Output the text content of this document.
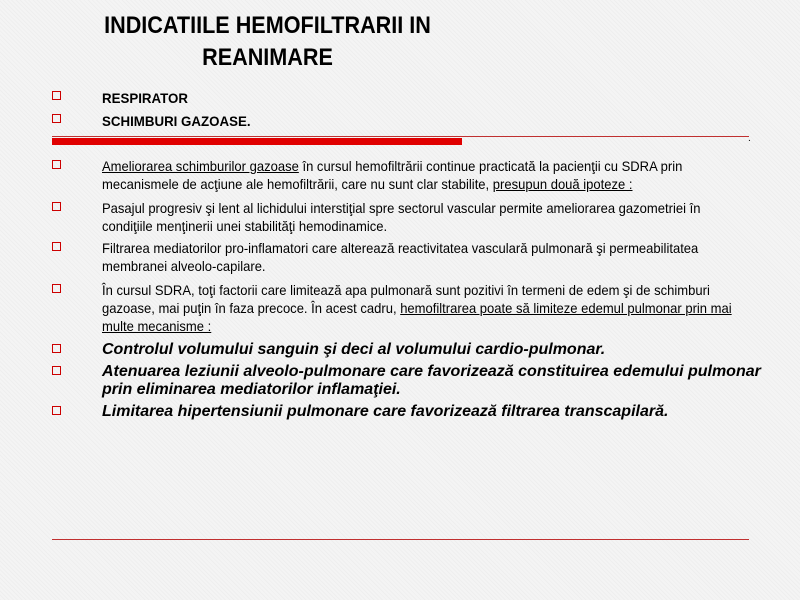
INDICATIILE HEMOFILTRARII IN
REANIMARE
RESPIRATOR
SCHIMBURI GAZOASE.
.
Ameliorarea schimburilor gazoase în cursul hemofiltrării continue practicată la pacienţii cu SDRA prin mecanismele de acţiune ale hemofiltrării, care nu sunt clar stabilite, presupun două ipoteze :
Pasajul progresiv şi lent al lichidului interstiţial spre sectorul vascular permite ameliorarea gazometriei în condiţiile menţinerii unei stabilităţi hemodinamice.
Filtrarea mediatorilor pro-inflamatori care alterează reactivitatea vasculară pulmonară şi permeabilitatea membranei alveolo-capilare.
În cursul SDRA, toţi factorii care limitează apa pulmonară sunt pozitivi în termeni de edem şi de schimburi gazoase, mai puţin în faza precoce. În acest cadru, hemofiltrarea poate să limiteze edemul pulmonar prin mai multe mecanisme :
Controlul volumului sanguin şi deci al volumului cardio-pulmonar.
Atenuarea leziunii alveolo-pulmonare care favorizează constituirea edemului pulmonar prin eliminarea mediatorilor inflamaţiei.
Limitarea hipertensiunii pulmonare care favorizează filtrarea transcapilară.
